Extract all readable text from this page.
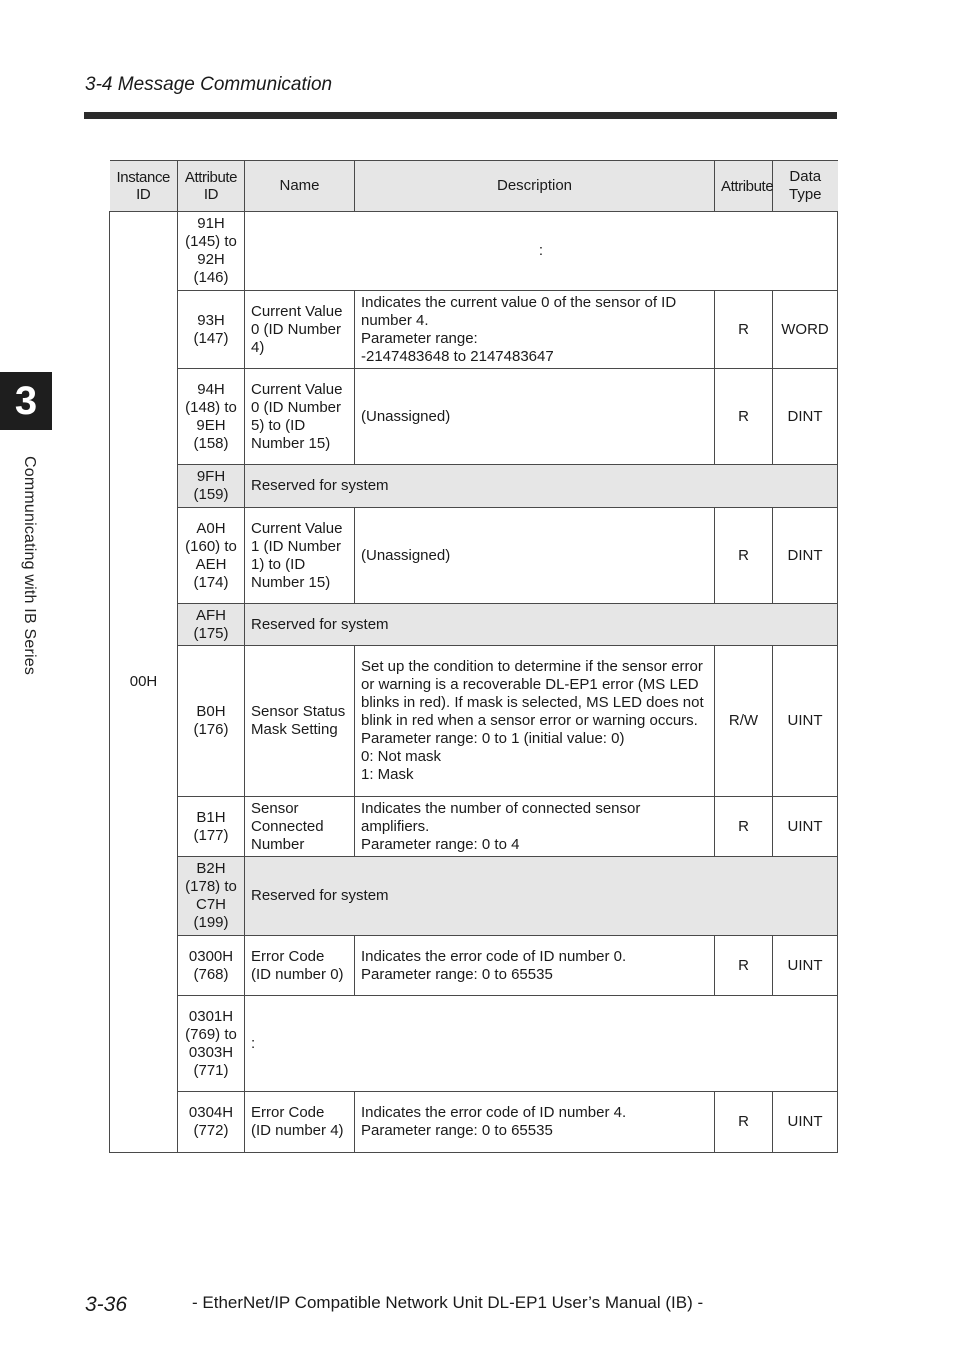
3-4 Message Communication
3
Communicating with IB Series
Instance ID	Attribute ID	Name	Description	Attribute	Data Type
00H	91H (145) to 92H (146)	:			
	93H (147)	Current Value 0 (ID Number 4)	Indicates the current value 0 of the sensor of ID number 4.
Parameter range:
-2147483648 to 2147483647	R	WORD
	94H (148) to 9EH (158)	Current Value 0 (ID Number 5) to (ID Number 15)	(Unassigned)	R	DINT
	9FH (159)	Reserved for system			
	A0H (160) to AEH (174)	Current Value 1 (ID Number 1) to (ID Number 15)	(Unassigned)	R	DINT
	AFH (175)	Reserved for system			
	B0H (176)	Sensor Status Mask Setting	Set up the condition to determine if the sensor error or warning is a recoverable DL-EP1 error (MS LED blinks in red). If mask is selected, MS LED does not blink in red when a sensor error or warning occurs.
Parameter range: 0 to 1 (initial value: 0)
0: Not mask
1: Mask	R/W	UINT
	B1H (177)	Sensor Connected Number	Indicates the number of connected sensor amplifiers.
Parameter range: 0 to 4	R	UINT
	B2H (178) to C7H (199)	Reserved for system			
	0300H (768)	Error Code (ID number 0)	Indicates the error code of ID number 0.
Parameter range: 0 to 65535	R	UINT
	0301H (769) to 0303H (771)	:			
	0304H (772)	Error Code (ID number 4)	Indicates the error code of ID number 4.
Parameter range: 0 to 65535	R	UINT
3-36	- EtherNet/IP Compatible Network Unit DL-EP1 User’s Manual (IB) -
